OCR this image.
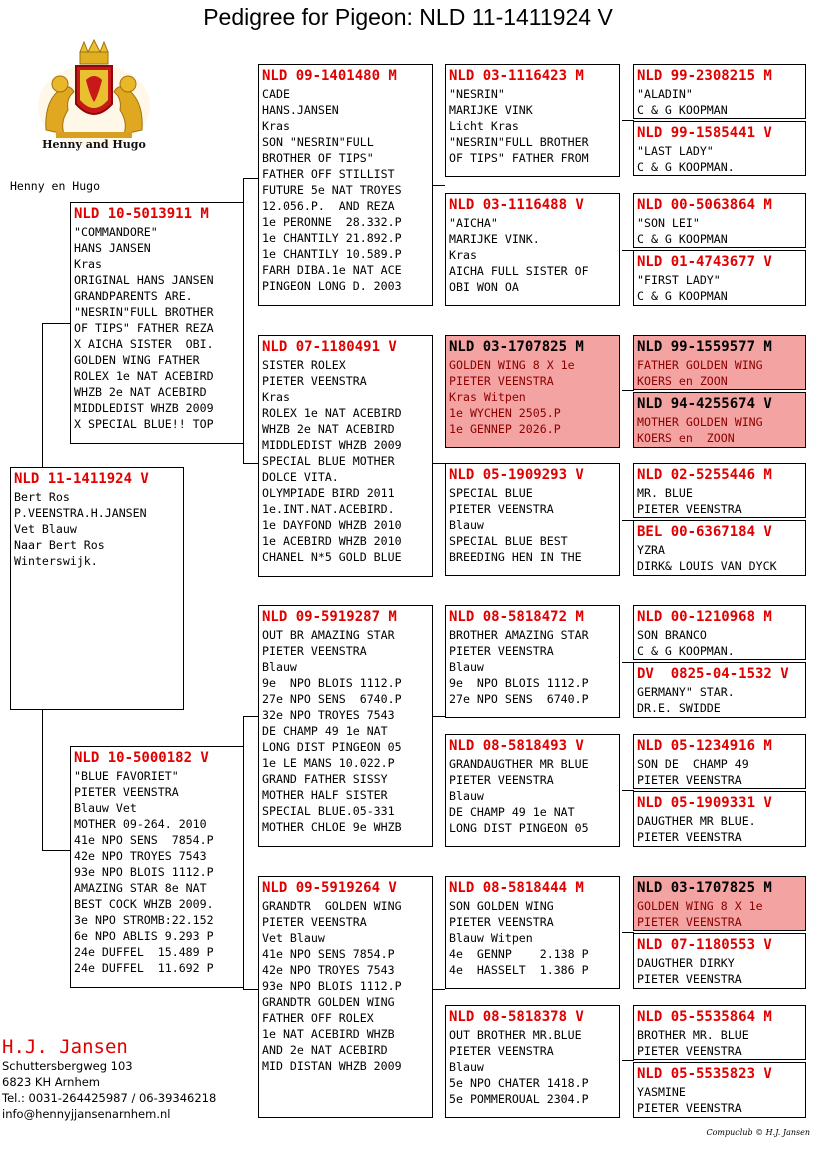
Pedigree for Pigeon: NLD 11-1411924 V
Henny and Hugo
Henny en Hugo
NLD 11-1411924 V
Bert Ros
P.VEENSTRA.H.JANSEN
Vet Blauw
Naar Bert Ros
Winterswijk.
NLD 10-5013911 M
"COMMANDORE"
HANS JANSEN
Kras
ORIGINAL HANS JANSEN
GRANDPARENTS ARE.
"NESRIN"FULL BROTHER
OF TIPS" FATHER REZA
X AICHA SISTER  OBI.
GOLDEN WING FATHER
ROLEX 1e NAT ACEBIRD
WHZB 2e NAT ACEBIRD
MIDDLEDIST WHZB 2009
X SPECIAL BLUE!! TOP
NLD 10-5000182 V
"BLUE FAVORIET"
PIETER VEENSTRA
Blauw Vet
MOTHER 09-264. 2010
41e NPO SENS  7854.P
42e NPO TROYES 7543
93e NPO BLOIS 1112.P
AMAZING STAR 8e NAT
BEST COCK WHZB 2009.
3e NPO STROMB:22.152
6e NPO ABLIS 9.293 P
24e DUFFEL  15.489 P
24e DUFFEL  11.692 P
NLD 09-1401480 M
CADE
HANS.JANSEN
Kras
SON "NESRIN"FULL
BROTHER OF TIPS"
FATHER OFF STILLIST
FUTURE 5e NAT TROYES
12.056.P.  AND REZA
1e PERONNE  28.332.P
1e CHANTILY 21.892.P
1e CHANTILY 10.589.P
FARH DIBA.1e NAT ACE
PINGEON LONG D. 2003
NLD 07-1180491 V
SISTER ROLEX
PIETER VEENSTRA
Kras
ROLEX 1e NAT ACEBIRD
WHZB 2e NAT ACEBIRD
MIDDLEDIST WHZB 2009
SPECIAL BLUE MOTHER
DOLCE VITA.
OLYMPIADE BIRD 2011
1e.INT.NAT.ACEBIRD.
1e DAYFOND WHZB 2010
1e ACEBIRD WHZB 2010
CHANEL N*5 GOLD BLUE
NLD 09-5919287 M
OUT BR AMAZING STAR
PIETER VEENSTRA
Blauw
9e  NPO BLOIS 1112.P
27e NPO SENS  6740.P
32e NPO TROYES 7543
DE CHAMP 49 1e NAT
LONG DIST PINGEON 05
1e LE MANS 10.022.P
GRAND FATHER SISSY
MOTHER HALF SISTER
SPECIAL BLUE.05-331
MOTHER CHLOE 9e WHZB
NLD 09-5919264 V
GRANDTR  GOLDEN WING
PIETER VEENSTRA
Vet Blauw
41e NPO SENS 7854.P
42e NPO TROYES 7543
93e NPO BLOIS 1112.P
GRANDTR GOLDEN WING
FATHER OFF ROLEX
1e NAT ACEBIRD WHZB
AND 2e NAT ACEBIRD
MID DISTAN WHZB 2009
NLD 03-1116423 M
"NESRIN"
MARIJKE VINK
Licht Kras
"NESRIN"FULL BROTHER
OF TIPS" FATHER FROM
NLD 03-1116488 V
"AICHA"
MARIJKE VINK.
Kras
AICHA FULL SISTER OF
OBI WON OA
NLD 03-1707825 M
GOLDEN WING 8 X 1e
PIETER VEENSTRA
Kras Witpen
1e WYCHEN 2505.P
1e GENNEP 2026.P
NLD 05-1909293 V
SPECIAL BLUE
PIETER VEENSTRA
Blauw
SPECIAL BLUE BEST
BREEDING HEN IN THE
NLD 08-5818472 M
BROTHER AMAZING STAR
PIETER VEENSTRA
Blauw
9e  NPO BLOIS 1112.P
27e NPO SENS  6740.P
NLD 08-5818493 V
GRANDAUGTHER MR BLUE
PIETER VEENSTRA
Blauw
DE CHAMP 49 1e NAT
LONG DIST PINGEON 05
NLD 08-5818444 M
SON GOLDEN WING
PIETER VEENSTRA
Blauw Witpen
4e  GENNP    2.138 P
4e  HASSELT  1.386 P
NLD 08-5818378 V
OUT BROTHER MR.BLUE
PIETER VEENSTRA
Blauw
5e NPO CHATER 1418.P
5e POMMEROUAL 2304.P
NLD 99-2308215 M
"ALADIN"
C & G KOOPMAN
NLD 99-1585441 V
"LAST LADY"
C & G KOOPMAN.
NLD 00-5063864 M
"SON LEI"
C & G KOOPMAN
NLD 01-4743677 V
"FIRST LADY"
C & G KOOPMAN
NLD 99-1559577 M
FATHER GOLDEN WING
KOERS en ZOON
NLD 94-4255674 V
MOTHER GOLDEN WING
KOERS en  ZOON
NLD 02-5255446 M
MR. BLUE
PIETER VEENSTRA
BEL 00-6367184 V
YZRA
DIRK& LOUIS VAN DYCK
NLD 00-1210968 M
SON BRANCO
C & G KOOPMAN.
DV  0825-04-1532 V
GERMANY" STAR.
DR.E. SWIDDE
NLD 05-1234916 M
SON DE  CHAMP 49
PIETER VEENSTRA
NLD 05-1909331 V
DAUGTHER MR BLUE.
PIETER VEENSTRA
NLD 03-1707825 M
GOLDEN WING 8 X 1e
PIETER VEENSTRA
NLD 07-1180553 V
DAUGTHER DIRKY
PIETER VEENSTRA
NLD 05-5535864 M
BROTHER MR. BLUE
PIETER VEENSTRA
NLD 05-5535823 V
YASMINE
PIETER VEENSTRA
H.J. Jansen
Schuttersbergweg 103
6823 KH Arnhem
Tel.: 0031-264425987 / 06-39346218
info@hennyjjansenarnhem.nl
Compuclub © H.J. Jansen
